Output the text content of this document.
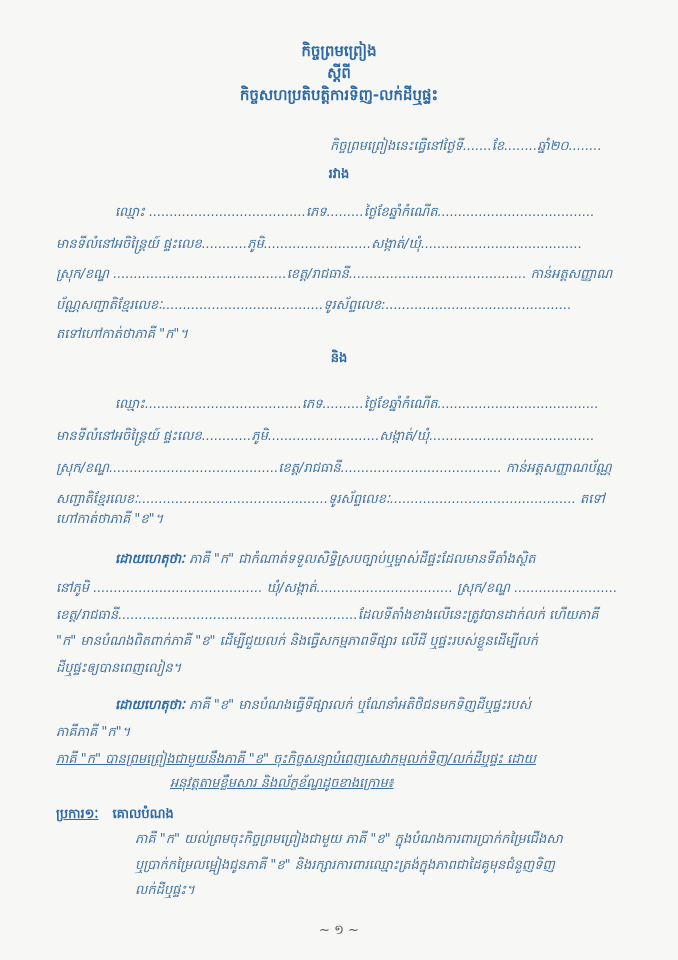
កិច្ចព្រមព្រៀង
ស្តីពី
កិច្ចសហប្រតិបត្តិការទិញ-លក់ដីឬផ្ទះ
កិច្ចព្រមព្រៀងនេះធ្វើនៅថ្ងៃទី.......ខែ........ឆ្នាំ២០........
រវាង
ឈ្មោះ ......................................ភេទ.........ថ្ងៃខែឆ្នាំកំណើត......................................
មានទីលំនៅអចិន្ត្រៃយ៍ ផ្ទះលេខ...........ភូមិ..........................សង្កាត់/ឃុំ.......................................
ស្រុក/ខណ្ឌ ..........................................ខេត្ត/រាជធានី........................................... កាន់អត្តសញ្ញាណ
ប័ណ្ណសញ្ជាតិខ្មែរលេខៈ.......................................ទូរស័ព្ទលេខ:.............................................
តទៅហៅកាត់ថាភាគី "ក"។
និង
ឈ្មោះ......................................ភេទ..........ថ្ងៃខែឆ្នាំកំណើត.......................................
មានទីលំនៅអចិន្ត្រៃយ៍ ផ្ទះលេខ............ភូមិ...........................សង្កាត់/ឃុំ........................................
ស្រុក/ខណ្ឌ.........................................ខេត្ត/រាជធានី....................................... កាន់អត្តសញ្ញាណប័ណ្ណ
សញ្ជាតិខ្មែរលេខៈ..............................................ទូរស័ព្ទលេខៈ............................................. តទៅ
ហៅកាត់ថាភាគី "ខ"។
ដោយហេតុថាៈ ភាគី "ក" ជាកំណាត់ទទួលសិទ្ធិស្របច្បាប់ឬម្ចាស់ដីផ្ទះដែលមានទីតាំងស្ថិត
នៅភូមិ ......................................... ឃុំ/សង្កាត់................................. ស្រុក/ខណ្ឌ .........................
ខេត្ត/រាជធានី..........................................................ដែលទីតាំងខាងលើនេះត្រូវបានដាក់លក់ ហើយភាគី
"ក" មានបំណងពិតពាក់ភាគី "ខ" ដើម្បីជួយលក់ និងធ្វើសកម្មភាពទីផ្សារ លើដី ឬផ្ទះរបស់ខ្លួនដើម្បីលក់
ដីឬផ្ទះឲ្យបានពេញលៀន។
ដោយហេតុថាៈ ភាគី "ខ" មានបំណងធ្វើទីផ្សារលក់ ឬណែនាំអតិថិជនមកទិញដីឬផ្ទះរបស់
ភាគីភាគី "ក"។
ភាគី "ក" បានព្រមព្រៀងជាមួយនឹងភាគី "ខ" ចុះកិច្ចសន្យាបំពេញសេវាកម្មលក់ទិញ/លក់ដីឬផ្ទះ ដោយ
អនុវត្តតាមខ្លឹមសារ និងល័ក្ខខ័ណ្ឌដូចខាងក្រោម៖
ប្រការ១ៈ គោលបំណង
ភាគី "ក" យល់ព្រមចុះកិច្ចព្រមព្រៀងជាមួយ ភាគី "ខ" ក្នុងបំណងការពារប្រាក់កម្រៃជើងសា
ឬប្រាក់កម្រៃលម្អៀងជូនភាគី "ខ" និងរក្សារការពារឈ្មោះត្រង់ក្នុងភាពជាដៃគូមុនជំនួញទិញ
លក់ដីឬផ្ទះ។
~ ១ ~
